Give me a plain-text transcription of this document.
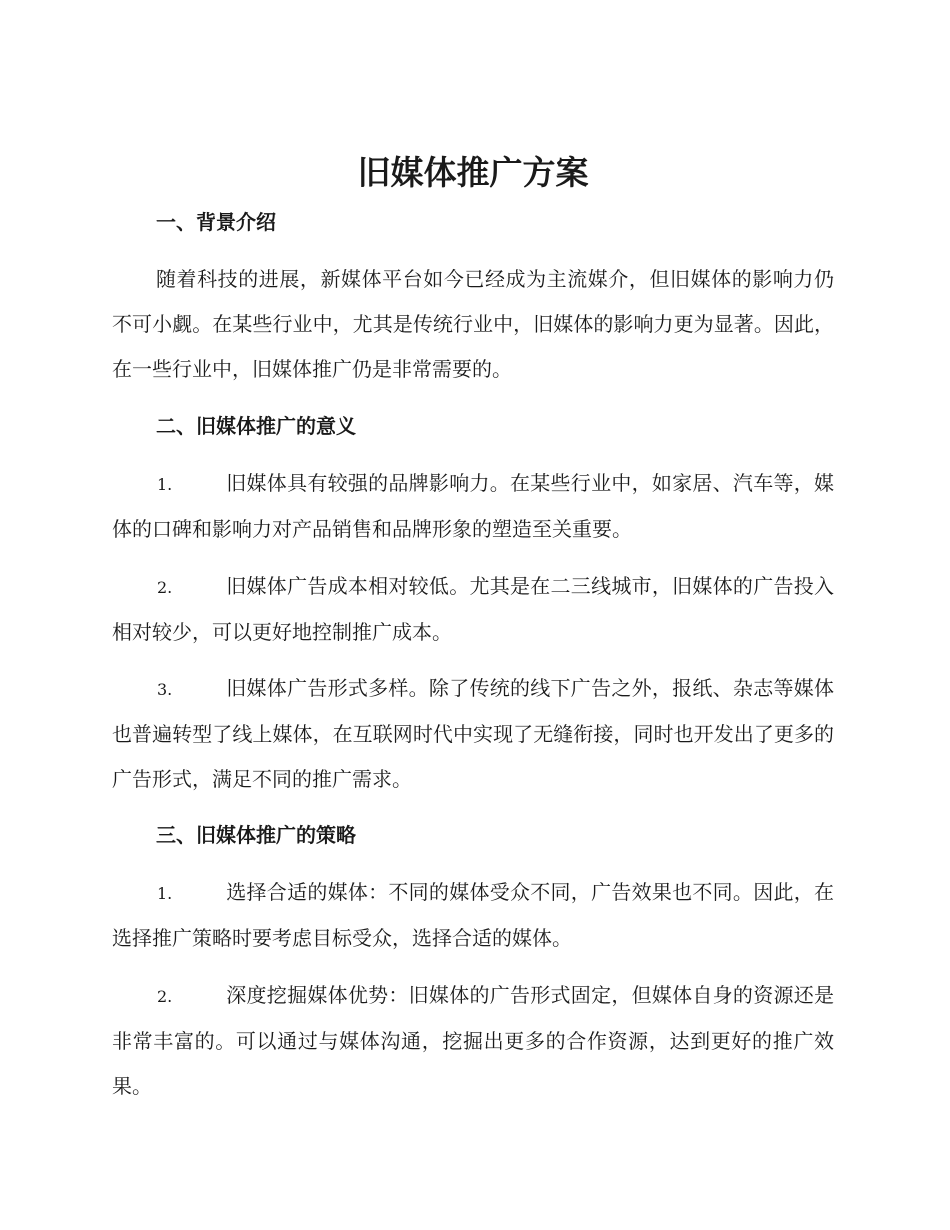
旧媒体推广方案
一、背景介绍

随着科技的进展，新媒体平台如今已经成为主流媒介，但旧媒体的影响力仍不可小觑。在某些行业中，尤其是传统行业中，旧媒体的影响力更为显著。因此，在一些行业中，旧媒体推广仍是非常需要的。

二、旧媒体推广的意义

1.	旧媒体具有较强的品牌影响力。在某些行业中，如家居、汽车等，媒体的口碑和影响力对产品销售和品牌形象的塑造至关重要。

2.	旧媒体广告成本相对较低。尤其是在二三线城市，旧媒体的广告投入相对较少，可以更好地控制推广成本。

3.	旧媒体广告形式多样。除了传统的线下广告之外，报纸、杂志等媒体也普遍转型了线上媒体，在互联网时代中实现了无缝衔接，同时也开发出了更多的广告形式，满足不同的推广需求。

三、旧媒体推广的策略

1.	选择合适的媒体：不同的媒体受众不同，广告效果也不同。因此，在选择推广策略时要考虑目标受众，选择合适的媒体。

2.	深度挖掘媒体优势：旧媒体的广告形式固定，但媒体自身的资源还是非常丰富的。可以通过与媒体沟通，挖掘出更多的合作资源，达到更好的推广效果。
